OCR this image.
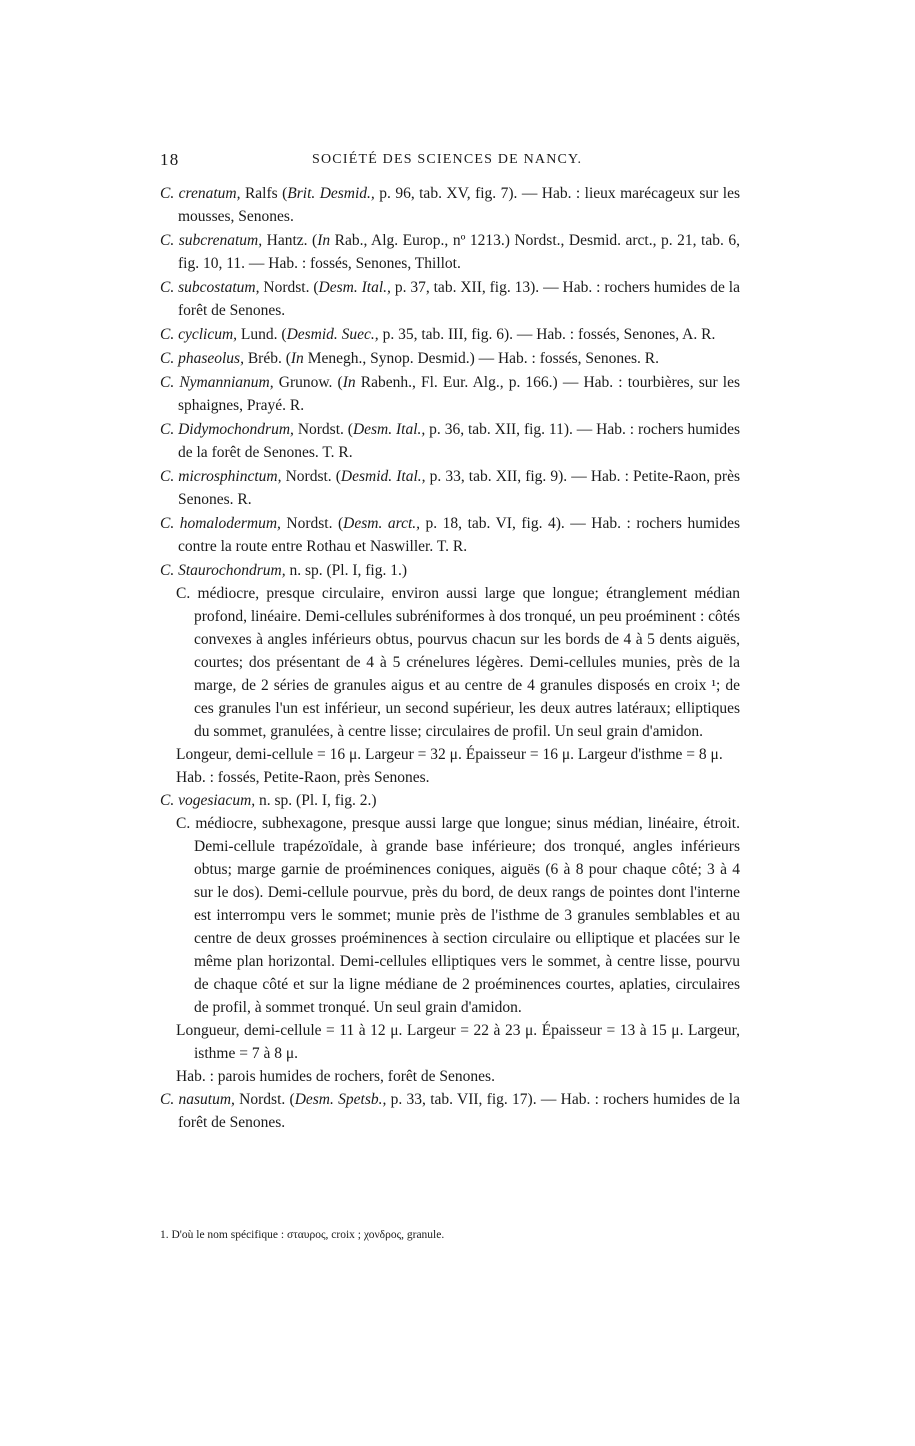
18	SOCIÉTÉ DES SCIENCES DE NANCY.

C. crenatum, Ralfs (Brit. Desmid., p. 96, tab. XV, fig. 7). — Hab. : lieux marécageux sur les mousses, Senones.

C. subcrenatum, Hantz. (In Rab., Alg. Europ., nº 1213.) Nordst., Desmid. arct., p. 21, tab. 6, fig. 10, 11. — Hab. : fossés, Senones, Thillot.

C. subcostatum, Nordst. (Desm. Ital., p. 37, tab. XII, fig. 13). — Hab. : rochers humides de la forêt de Senones.

C. cyclicum, Lund. (Desmid. Suec., p. 35, tab. III, fig. 6). — Hab. : fossés, Senones, A. R.

C. phaseolus, Bréb. (In Menegh., Synop. Desmid.) — Hab. : fossés, Senones. R.

C. Nymannianum, Grunow. (In Rabenh., Fl. Eur. Alg., p. 166.) — Hab. : tourbières, sur les sphaignes, Prayé. R.

C. Didymochondrum, Nordst. (Desm. Ital., p. 36, tab. XII, fig. 11). — Hab. : rochers humides de la forêt de Senones. T. R.

C. microsphinctum, Nordst. (Desmid. Ital., p. 33, tab. XII, fig. 9). — Hab. : Petite-Raon, près Senones. R.

C. homalodermum, Nordst. (Desm. arct., p. 18, tab. VI, fig. 4). — Hab. : rochers humides contre la route entre Rothau et Naswiller. T. R.

C. Staurochondrum, n. sp. (Pl. I, fig. 1.)

C. médiocre, presque circulaire, environ aussi large que longue; étranglement médian profond, linéaire. Demi-cellules subréniformes à dos tronqué, un peu proéminent : côtés convexes à angles inférieurs obtus, pourvus chacun sur les bords de 4 à 5 dents aiguës, courtes; dos présentant de 4 à 5 crénelures légères. Demi-cellules munies, près de la marge, de 2 séries de granules aigus et au centre de 4 granules disposés en croix ¹; de ces granules l'un est inférieur, un second supérieur, les deux autres latéraux; elliptiques du sommet, granulées, à centre lisse; circulaires de profil. Un seul grain d'amidon.

Longeur, demi-cellule = 16 μ. Largeur = 32 μ. Épaisseur = 16 μ. Largeur d'isthme = 8 μ.

Hab. : fossés, Petite-Raon, près Senones.

C. vogesiacum, n. sp. (Pl. I, fig. 2.)

C. médiocre, subhexagone, presque aussi large que longue; sinus médian, linéaire, étroit. Demi-cellule trapézoïdale, à grande base inférieure; dos tronqué, angles inférieurs obtus; marge garnie de proéminences coniques, aiguës (6 à 8 pour chaque côté; 3 à 4 sur le dos). Demi-cellule pourvue, près du bord, de deux rangs de pointes dont l'interne est interrompu vers le sommet; munie près de l'isthme de 3 granules semblables et au centre de deux grosses proéminences à section circulaire ou elliptique et placées sur le même plan horizontal. Demi-cellules elliptiques vers le sommet, à centre lisse, pourvu de chaque côté et sur la ligne médiane de 2 proéminences courtes, aplaties, circulaires de profil, à sommet tronqué. Un seul grain d'amidon.

Longueur, demi-cellule = 11 à 12 μ. Largeur = 22 à 23 μ. Épaisseur = 13 à 15 μ. Largeur, isthme = 7 à 8 μ.

Hab. : parois humides de rochers, forêt de Senones.

C. nasutum, Nordst. (Desm. Spetsb., p. 33, tab. VII, fig. 17). — Hab. : rochers humides de la forêt de Senones.

1. D'où le nom spécifique : σταυρος, croix ; χονδρος, granule.
